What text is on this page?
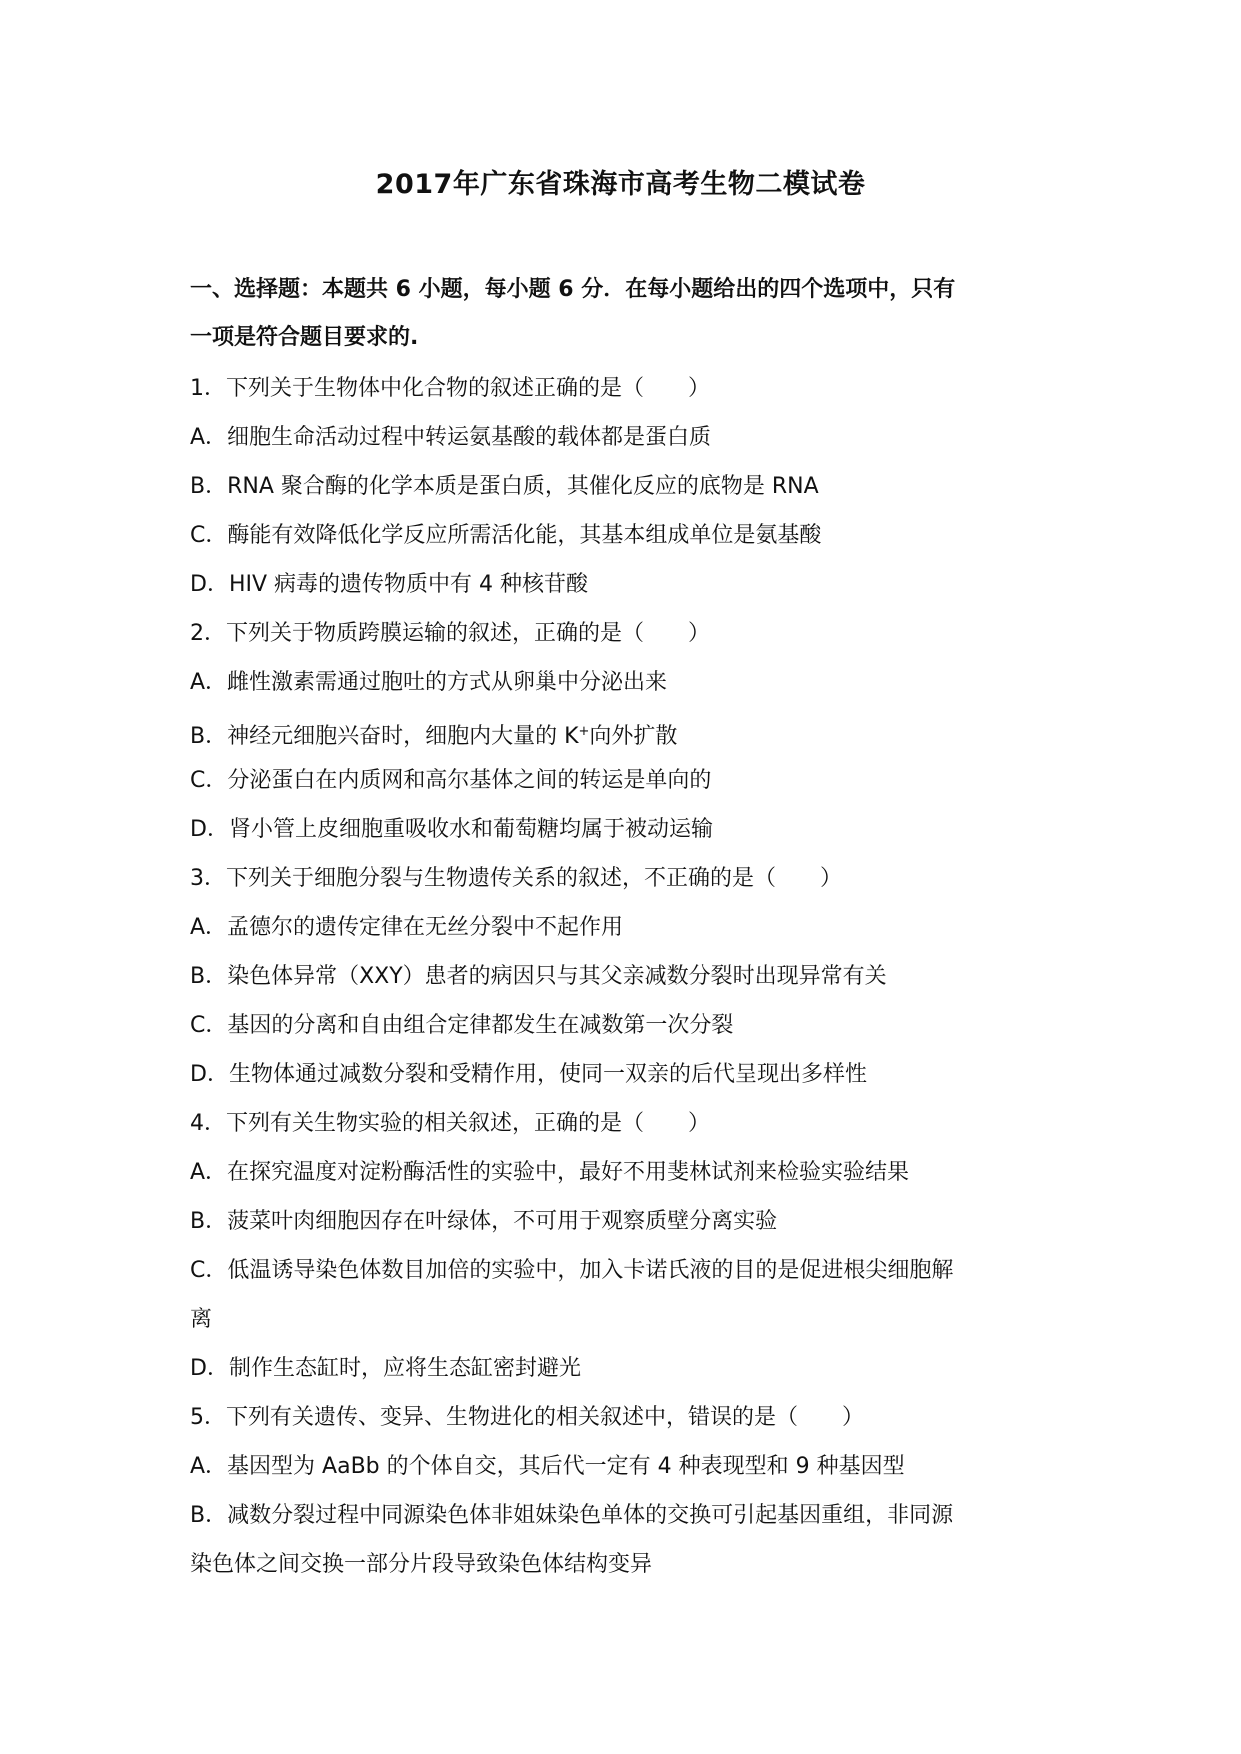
2017年广东省珠海市高考生物二模试卷
一、选择题：本题共 6 小题，每小题 6 分．在每小题给出的四个选项中，只有
一项是符合题目要求的.
1．下列关于生物体中化合物的叙述正确的是（　　）
A．细胞生命活动过程中转运氨基酸的载体都是蛋白质
B．RNA 聚合酶的化学本质是蛋白质，其催化反应的底物是 RNA
C．酶能有效降低化学反应所需活化能，其基本组成单位是氨基酸
D．HIV 病毒的遗传物质中有 4 种核苷酸
2．下列关于物质跨膜运输的叙述，正确的是（　　）
A．雌性激素需通过胞吐的方式从卵巢中分泌出来
B．神经元细胞兴奋时，细胞内大量的 K+向外扩散
C．分泌蛋白在内质网和高尔基体之间的转运是单向的
D．肾小管上皮细胞重吸收水和葡萄糖均属于被动运输
3．下列关于细胞分裂与生物遗传关系的叙述，不正确的是（　　）
A．孟德尔的遗传定律在无丝分裂中不起作用
B．染色体异常（XXY）患者的病因只与其父亲减数分裂时出现异常有关
C．基因的分离和自由组合定律都发生在减数第一次分裂
D．生物体通过减数分裂和受精作用，使同一双亲的后代呈现出多样性
4．下列有关生物实验的相关叙述，正确的是（　　）
A．在探究温度对淀粉酶活性的实验中，最好不用斐林试剂来检验实验结果
B．菠菜叶肉细胞因存在叶绿体，不可用于观察质壁分离实验
C．低温诱导染色体数目加倍的实验中，加入卡诺氏液的目的是促进根尖细胞解
离
D．制作生态缸时，应将生态缸密封避光
5．下列有关遗传、变异、生物进化的相关叙述中，错误的是（　　）
A．基因型为 AaBb 的个体自交，其后代一定有 4 种表现型和 9 种基因型
B．减数分裂过程中同源染色体非姐妹染色单体的交换可引起基因重组，非同源
染色体之间交换一部分片段导致染色体结构变异
